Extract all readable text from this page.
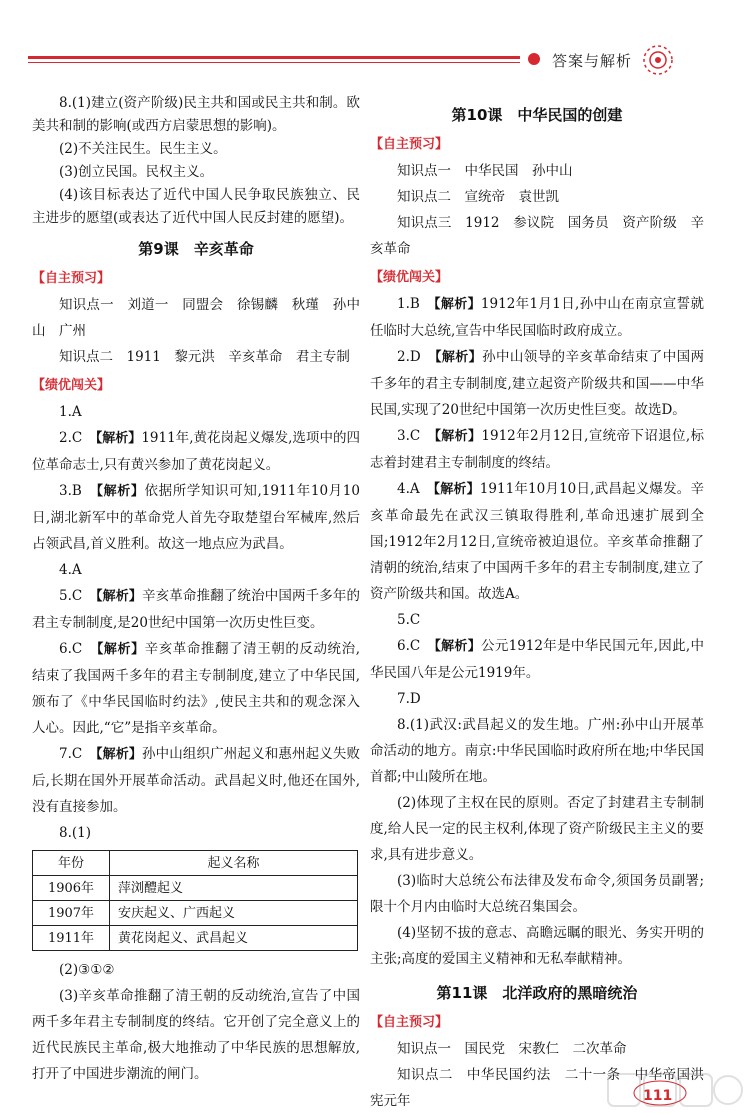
答案与解析

8.(1)建立(资产阶级)民主共和国或民主共和制。欧美共和制的影响(或西方启蒙思想的影响)。

(2)不关注民生。民生主义。

(3)创立民国。民权主义。

(4)该目标表达了近代中国人民争取民族独立、民主进步的愿望(或表达了近代中国人民反封建的愿望)。

第9课　辛亥革命
【自主预习】

知识点一　刘道一　同盟会　徐锡麟　秋瑾　孙中山　广州

知识点二　1911　黎元洪　辛亥革命　君主专制

【绩优闯关】

1.A

2.C　【解析】1911年,黄花岗起义爆发,选项中的四位革命志士,只有黄兴参加了黄花岗起义。

3.B　【解析】依据所学知识可知,1911年10月10日,湖北新军中的革命党人首先夺取楚望台军械库,然后占领武昌,首义胜利。故这一地点应为武昌。

4.A

5.C　【解析】辛亥革命推翻了统治中国两千多年的君主专制制度,是20世纪中国第一次历史性巨变。

6.C　【解析】辛亥革命推翻了清王朝的反动统治,结束了我国两千多年的君主专制制度,建立了中华民国,颁布了《中华民国临时约法》,使民主共和的观念深入人心。因此,“它”是指辛亥革命。

7.C　【解析】孙中山组织广州起义和惠州起义失败后,长期在国外开展革命活动。武昌起义时,他还在国外,没有直接参加。

8.(1)

年份	起义名称
1906年	萍浏醴起义
1907年	安庆起义、广西起义
1911年	黄花岗起义、武昌起义

(2)③①②

(3)辛亥革命推翻了清王朝的反动统治,宣告了中国两千多年君主专制制度的终结。它开创了完全意义上的近代民族民主革命,极大地推动了中华民族的思想解放,打开了中国进步潮流的闸门。

第10课　中华民国的创建
【自主预习】

知识点一　中华民国　孙中山

知识点二　宣统帝　袁世凯

知识点三　1912　参议院　国务员　资产阶级　辛亥革命

【绩优闯关】

1.B　【解析】1912年1月1日,孙中山在南京宣誓就任临时大总统,宣告中华民国临时政府成立。

2.D　【解析】孙中山领导的辛亥革命结束了中国两千多年的君主专制制度,建立起资产阶级共和国——中华民国,实现了20世纪中国第一次历史性巨变。故选D。

3.C　【解析】1912年2月12日,宣统帝下诏退位,标志着封建君主专制制度的终结。

4.A　【解析】1911年10月10日,武昌起义爆发。辛亥革命最先在武汉三镇取得胜利,革命迅速扩展到全国;1912年2月12日,宣统帝被迫退位。辛亥革命推翻了清朝的统治,结束了中国两千多年的君主专制制度,建立了资产阶级共和国。故选A。

5.C

6.C　【解析】公元1912年是中华民国元年,因此,中华民国八年是公元1919年。

7.D

8.(1)武汉:武昌起义的发生地。广州:孙中山开展革命活动的地方。南京:中华民国临时政府所在地;中华民国首都;中山陵所在地。

(2)体现了主权在民的原则。否定了封建君主专制制度,给人民一定的民主权利,体现了资产阶级民主主义的要求,具有进步意义。

(3)临时大总统公布法律及发布命令,须国务员副署;限十个月内由临时大总统召集国会。

(4)坚韧不拔的意志、高瞻远瞩的眼光、务实开明的主张;高度的爱国主义精神和无私奉献精神。

第11课　北洋政府的黑暗统治
【自主预习】

知识点一　国民党　宋教仁　二次革命

知识点二　中华民国约法　二十一条　中华帝国洪宪元年	111
